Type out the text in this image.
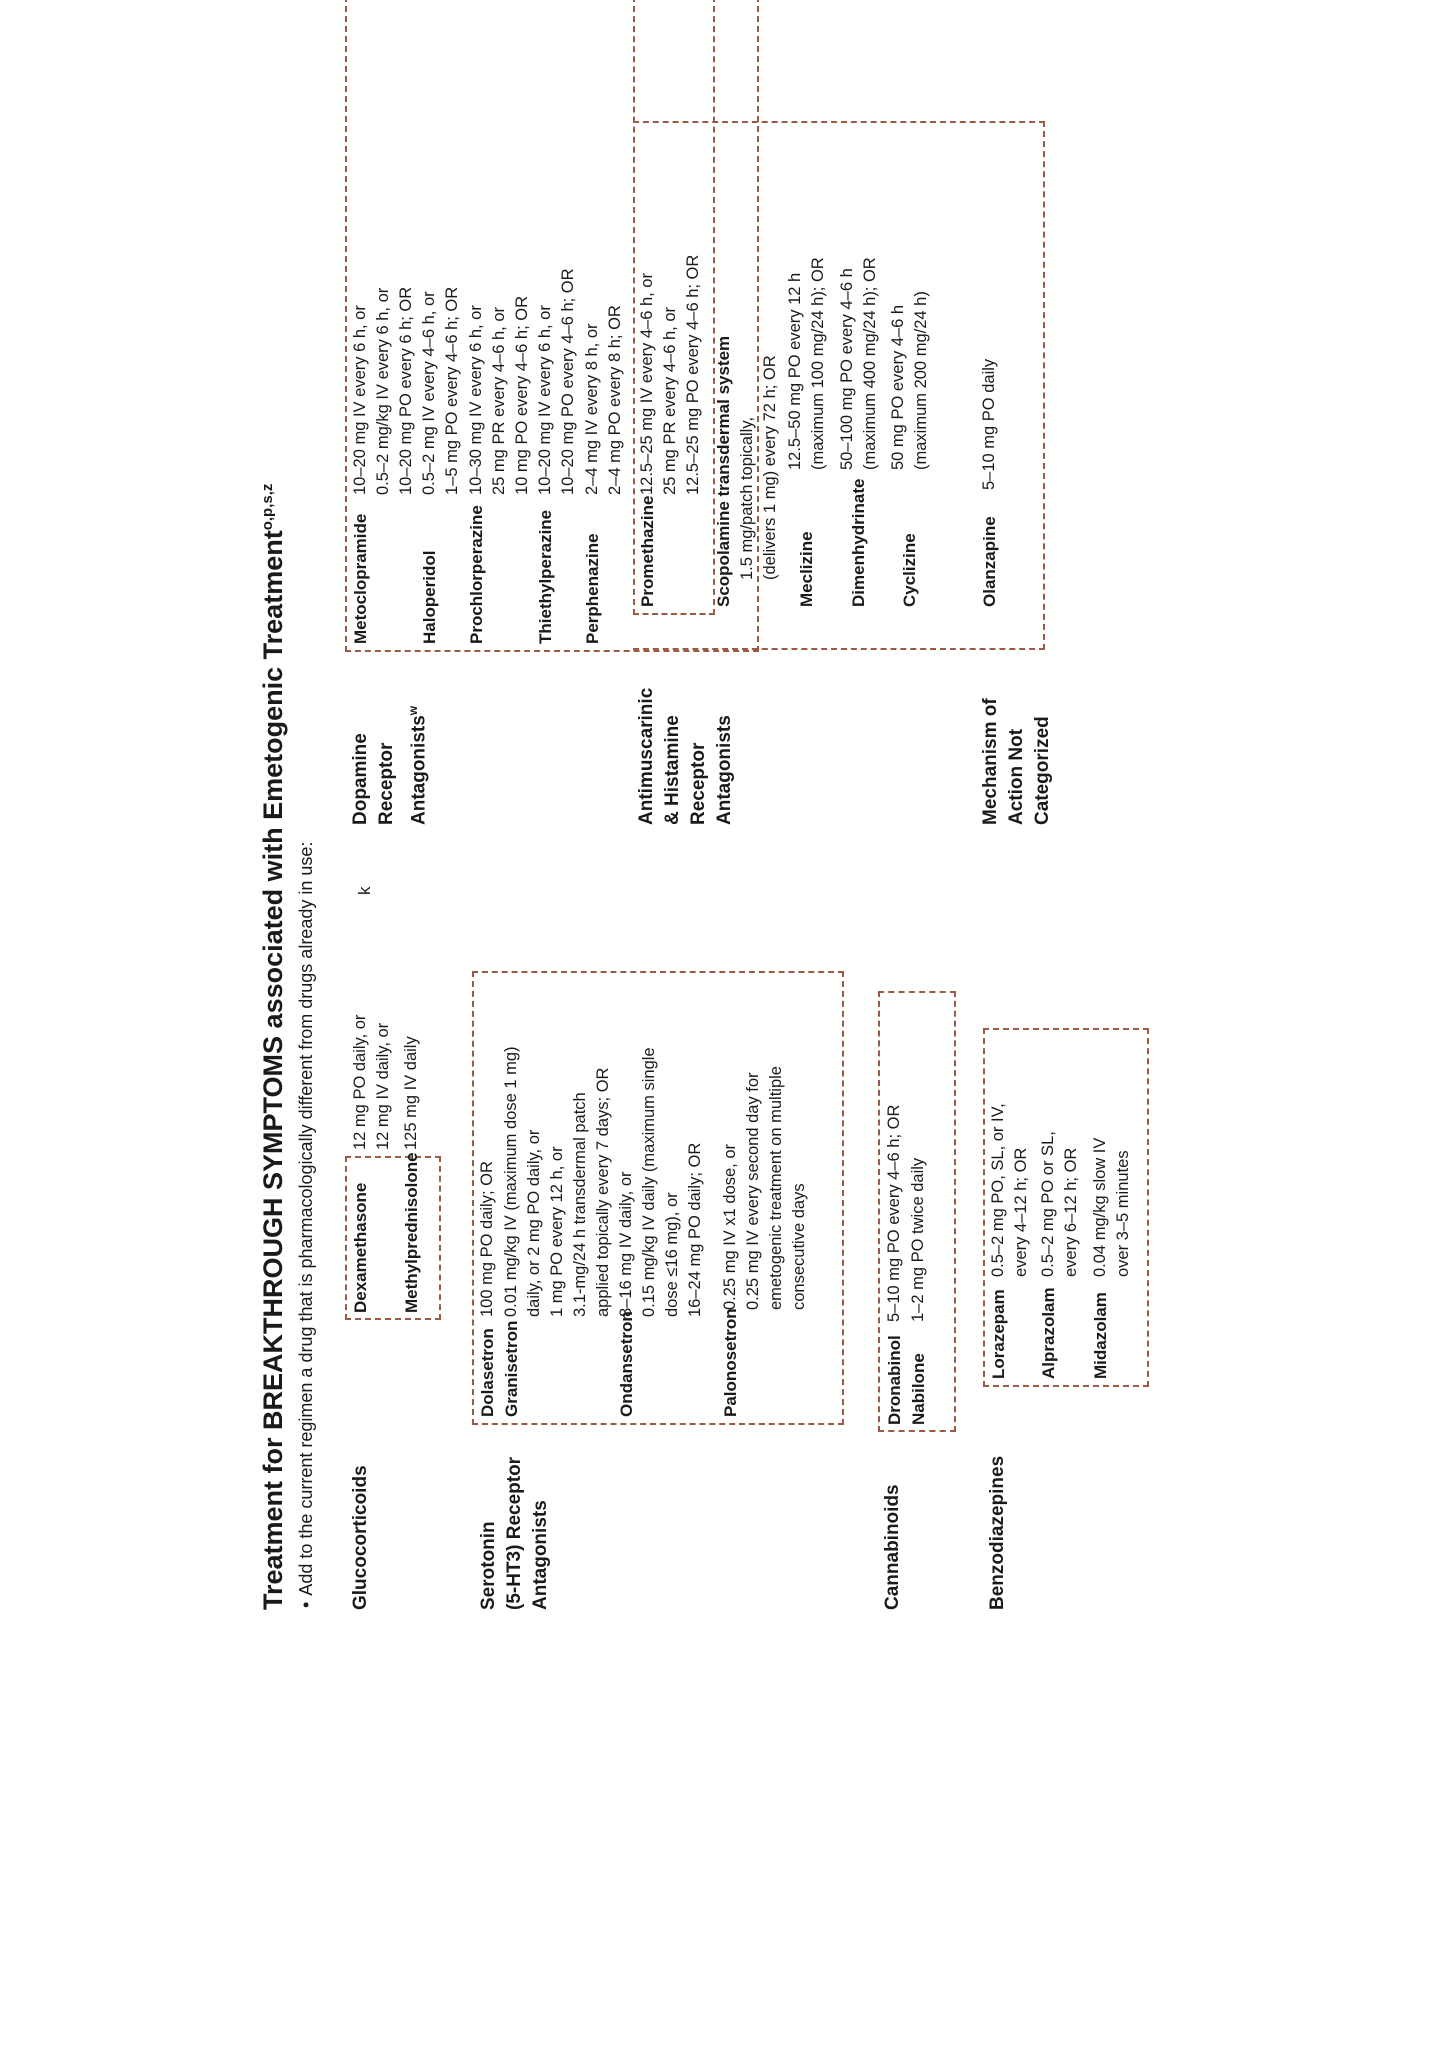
Treatment for BREAKTHROUGH SYMPTOMS associated with Emetogenic Treatment$^{o,p,s,z}$
•Add to the current regimen a drug that is pharmacologically different from drugs already in use: Glucocorticoids
Dexamethasone
12 mg PO daily, or 12 mg IV daily, or
Methylprednisolone
125 mg IV daily
k
Serotonin (5-HT3) Receptor Antagonists
Dolasetron
100 mg PO daily; OR
Granisetron
0.01 mg/kg IV (maximum dose 1 mg) daily, or 2 mg PO daily, or 1 mg PO every 12 h, or 3.1-mg/24 h transdermal patch applied topically every 7 days; OR
Ondansetron
8–16 mg IV daily, or 0.15 mg/kg IV daily (maximum single dose ≤16 mg), or 16–24 mg PO daily; OR
Palonosetron
0.25 mg IV x1 dose, or 0.25 mg IV every second day for emetogenic treatment on multiple consecutive days
Cannabinoids
Dronabinol
5–10 mg PO every 4–6 h; OR
Nabilone
1–2 mg PO twice daily
Benzodiazepines
Lorazepam
0.5–2 mg PO, SL, or IV, every 4–12 h; OR
Alprazolam
0.5–2 mg PO or SL, every 6–12 h; OR
Midazolam
0.04 mg/kg slow IV over 3–5 minutes
Dopamine Receptor Antagonists$^w$
Metoclopramide
10–20 mg IV every 6 h, or 0.5–2 mg/kg IV every 6 h, or 10–20 mg PO every 6 h; OR
Haloperidol
0.5–2 mg IV every 4–6 h, or 1–5 mg PO every 4–6 h; OR
Prochlorperazine
10–30 mg IV every 6 h, or 25 mg PR every 4–6 h, or 10 mg PO every 4–6 h; OR
Thiethylperazine
10–20 mg IV every 6 h, or 10–20 mg PO every 4–6 h; OR
Perphenazine
2–4 mg IV every 8 h, or 2–4 mg PO every 8 h; OR
Promethazine
12.5–25 mg IV every 4–6 h, or 25 mg PR every 4–6 h, or 12.5–25 mg PO every 4–6 h; OR
Antimuscarinic & Histamine Receptor Antagonists
Scopolamine transdermal system 1.5 mg/patch topically, (delivers 1 mg) every 72 h; OR Meclizine
12.5–50 mg PO every 12 h (maximum 100 mg/24 h); OR
Dimenhydrinate
50–100 mg PO every 4–6 h (maximum 400 mg/24 h); OR
Cyclizine
50 mg PO every 4–6 h (maximum 200 mg/24 h)
Mechanism of Action Not Categorized
Olanzapine
5–10 mg PO daily
